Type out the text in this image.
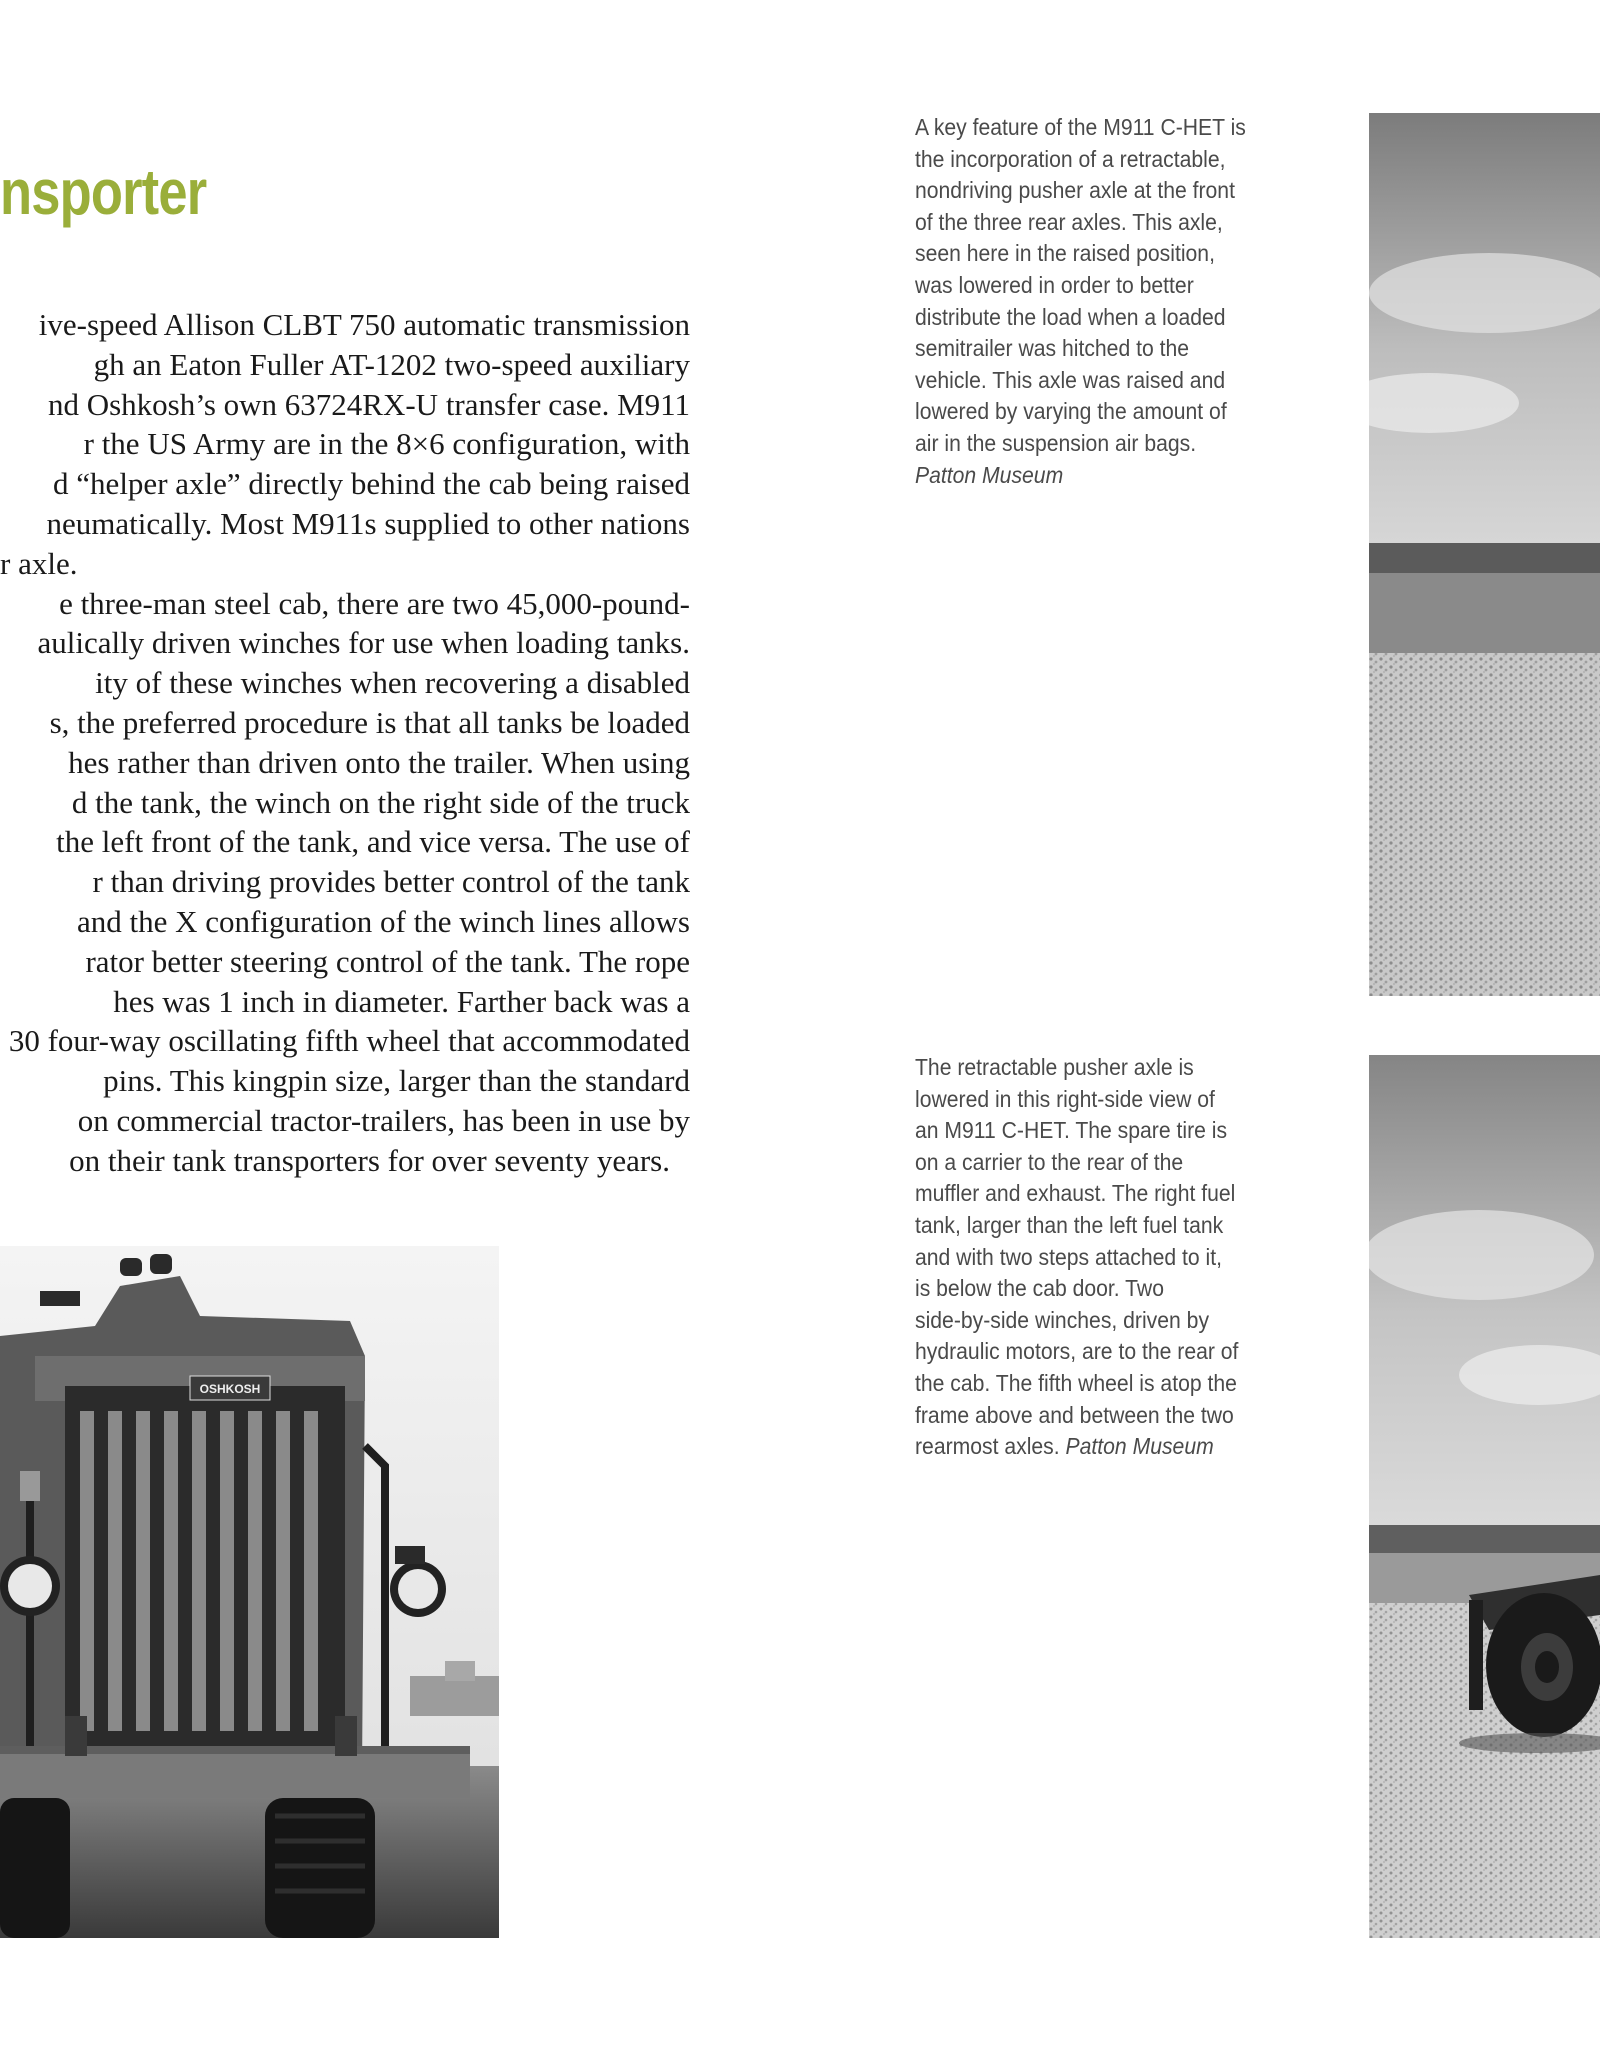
nsporter
ive-speed Allison CLBT 750 automatic transmission
gh an Eaton Fuller AT-1202 two-speed auxiliary
nd Oshkosh’s own 63724RX-U transfer case. M911
r the US Army are in the 8×6 configuration, with
d “helper axle” directly behind the cab being raised
neumatically. Most M911s supplied to other nations
r axle.
e three-man steel cab, there are two 45,000-pound-
aulically driven winches for use when loading tanks.
ity of these winches when recovering a disabled
s, the preferred procedure is that all tanks be loaded
hes rather than driven onto the trailer. When using
d the tank, the winch on the right side of the truck
the left front of the tank, and vice versa. The use of
r than driving provides better control of the tank
and the X configuration of the winch lines allows
rator better steering control of the tank. The rope
hes was 1 inch in diameter. Farther back was a
30 four-way oscillating fifth wheel that accommodated
pins. This kingpin size, larger than the standard
on commercial tractor-trailers, has been in use by
on their tank transporters for over seventy years.
A key feature of the M911 C-HET is
the incorporation of a retractable,
nondriving pusher axle at the front
of the three rear axles. This axle,
seen here in the raised position,
was lowered in order to better
distribute the load when a loaded
semitrailer was hitched to the
vehicle. This axle was raised and
lowered by varying the amount of
air in the suspension air bags.
Patton Museum
The retractable pusher axle is
lowered in this right-side view of
an M911 C-HET. The spare tire is
on a carrier to the rear of the
muffler and exhaust. The right fuel
tank, larger than the left fuel tank
and with two steps attached to it,
is below the cab door. Two
side-by-side winches, driven by
hydraulic motors, are to the rear of
the cab. The fifth wheel is atop the
frame above and between the two
rearmost axles. Patton Museum
OSHKOSH
